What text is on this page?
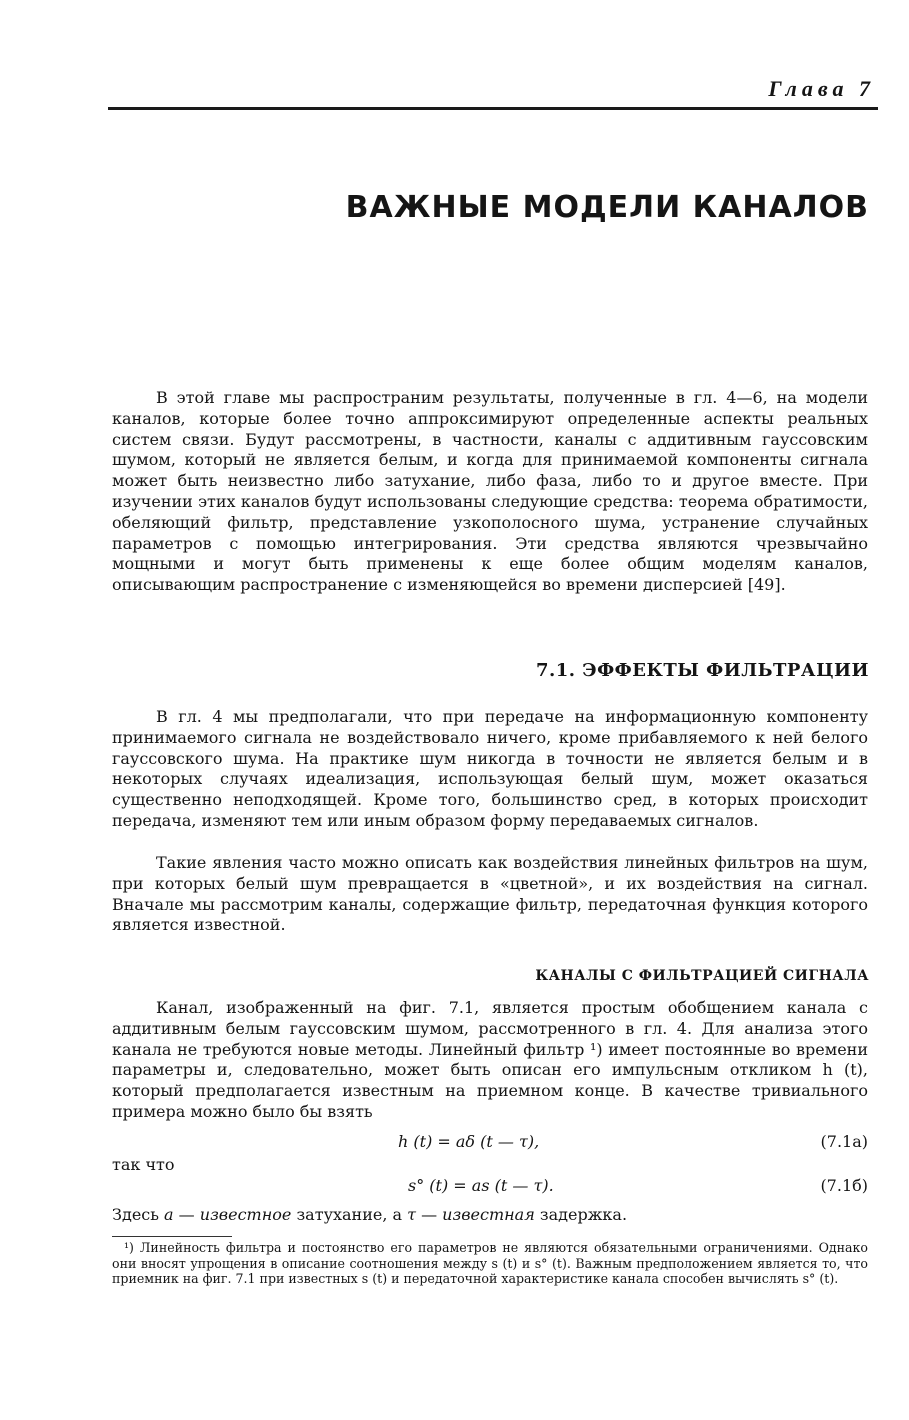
Глава 7
ВАЖНЫЕ МОДЕЛИ КАНАЛОВ

В этой главе мы распространим результаты, полученные в гл. 4—6, на модели каналов, которые более точно аппроксимируют определенные аспекты реальных систем связи. Будут рассмотрены, в частности, каналы с аддитивным гауссовским шумом, который не является белым, и когда для принимаемой компоненты сигнала может быть неизвестно либо затухание, либо фаза, либо то и другое вместе. При изучении этих каналов будут использованы следующие средства: теорема обратимости, обеляющий фильтр, представление узкополосного шума, устранение случайных параметров с помощью интегрирования. Эти средства являются чрезвычайно мощными и могут быть применены к еще более общим моделям каналов, описывающим распространение с изменяющейся во времени дисперсией [49].

7.1. ЭФФЕКТЫ ФИЛЬТРАЦИИ

В гл. 4 мы предполагали, что при передаче на информационную компоненту принимаемого сигнала не воздействовало ничего, кроме прибавляемого к ней белого гауссовского шума. На практике шум никогда в точности не является белым и в некоторых случаях идеализация, использующая белый шум, может оказаться существенно неподходящей. Кроме того, большинство сред, в которых происходит передача, изменяют тем или иным образом форму передаваемых сигналов.

Такие явления часто можно описать как воздействия линейных фильтров на шум, при которых белый шум превращается в «цветной», и их воздействия на сигнал. Вначале мы рассмотрим каналы, содержащие фильтр, передаточная функция которого является известной.

КАНАЛЫ С ФИЛЬТРАЦИЕЙ СИГНАЛА

Канал, изображенный на фиг. 7.1, является простым обобщением канала с аддитивным белым гауссовским шумом, рассмотренного в гл. 4. Для анализа этого канала не требуются новые методы. Линейный фильтр ¹) имеет постоянные во времени параметры и, следовательно, может быть описан его импульсным откликом h (t), который предполагается известным на приемном конце. В качестве тривиального примера можно было бы взять

h (t) = aδ (t — τ),	(7.1a)
так что
s° (t) = as (t — τ).	(7.1б)
Здесь a — известное затухание, а τ — известная задержка.

¹) Линейность фильтра и постоянство его параметров не являются обязательными ограничениями. Однако они вносят упрощения в описание соотношения между s (t) и s° (t). Важным предположением является то, что приемник на фиг. 7.1 при известных s (t) и передаточной характеристике канала способен вычислять s° (t).
